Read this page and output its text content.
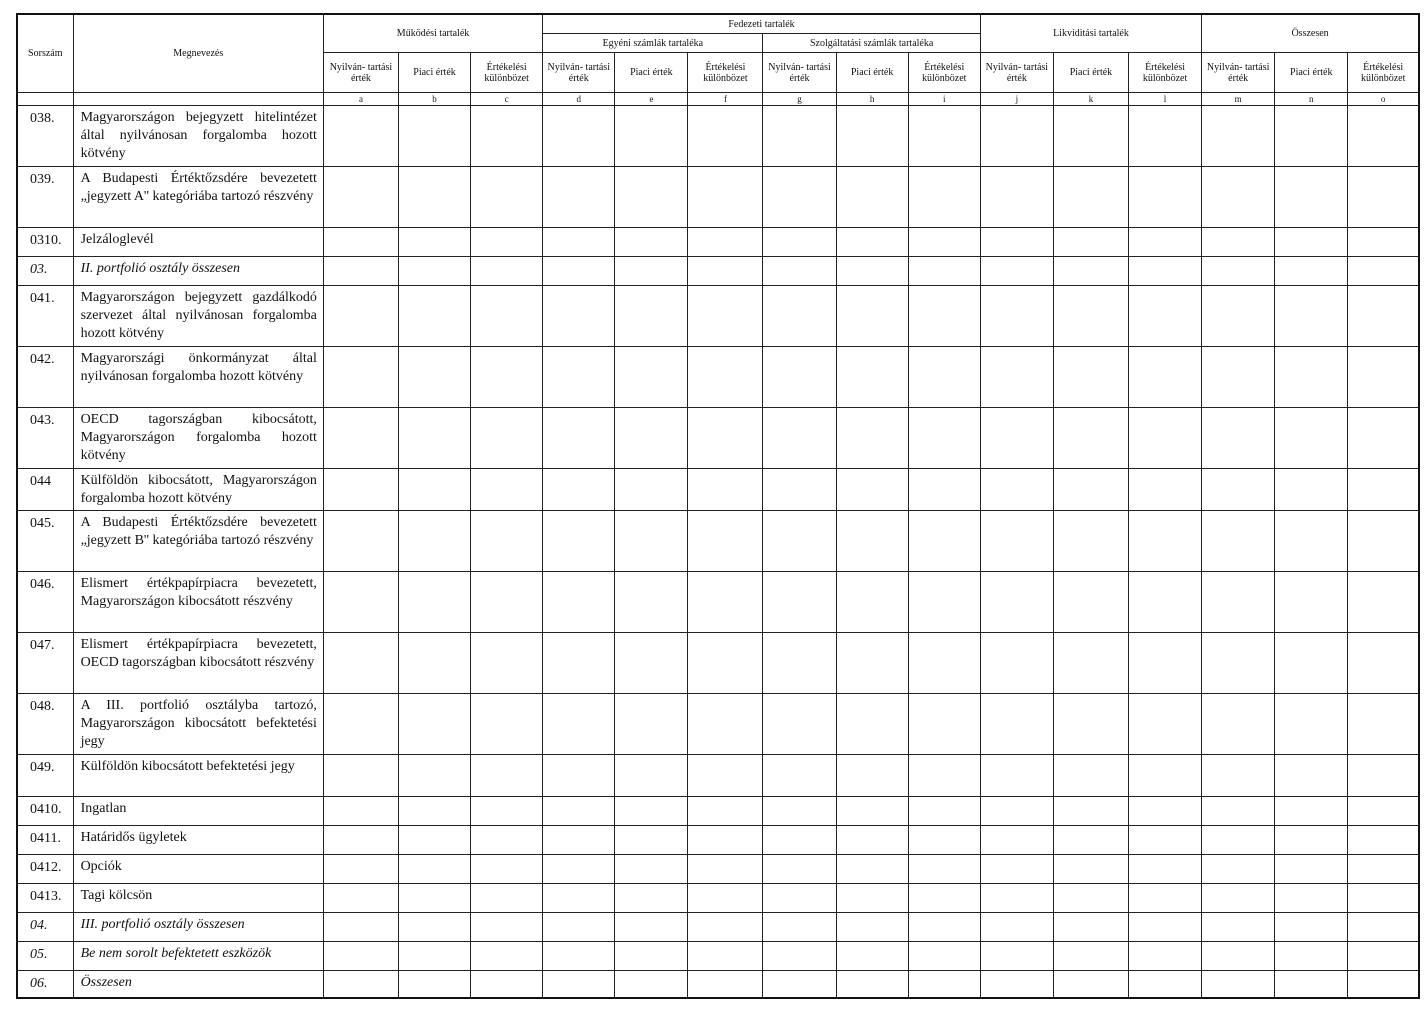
Sorszám	Megnevezés	Működési tartalék			Fedezeti tartalék						Likviditási tartalék			Összesen		
					Egyéni számlák tartaléka			Szolgáltatási számlák tartaléka								
		Nyilván- tartási érték	Piaci érték	Értékelési különbözet	Nyilván- tartási érték	Piaci érték	Értékelési különbözet	Nyilván- tartási érték	Piaci érték	Értékelési különbözet	Nyilván- tartási érték	Piaci érték	Értékelési különbözet	Nyilván- tartási érték	Piaci érték	Értékelési különbözet
		a	b	c	d	e	f	g	h	i	j	k	l	m	n	o
038.	Magyarországon bejegyzett hitelintézet által nyilvánosan forgalomba hozott kötvény															
039.	A Budapesti Értéktőzsdére bevezetett „jegyzett A'' kategóriába tartozó részvény															
0310.	Jelzáloglevél															
03.	II. portfolió osztály összesen															
041.	Magyarországon bejegyzett gazdálkodó szervezet által nyilvánosan forgalomba hozott kötvény															
042.	Magyarországi önkormányzat által nyilvánosan forgalomba hozott kötvény															
043.	OECD tagországban kibocsátott, Magyarországon forgalomba hozott kötvény															
044	Külföldön kibocsátott, Magyarországon forgalomba hozott kötvény															
045.	A Budapesti Értéktőzsdére bevezetett „jegyzett B'' kategóriába tartozó részvény															
046.	Elismert értékpapírpiacra bevezetett, Magyarországon kibocsátott részvény															
047.	Elismert értékpapírpiacra bevezetett, OECD tagországban kibocsátott részvény															
048.	A III. portfolió osztályba tartozó, Magyarországon kibocsátott befektetési jegy															
049.	Külföldön kibocsátott befektetési jegy															
0410.	Ingatlan															
0411.	Határidős ügyletek															
0412.	Opciók															
0413.	Tagi kölcsön															
04.	III. portfolió osztály összesen															
05.	Be nem sorolt befektetett eszközök															
06.	Összesen															
